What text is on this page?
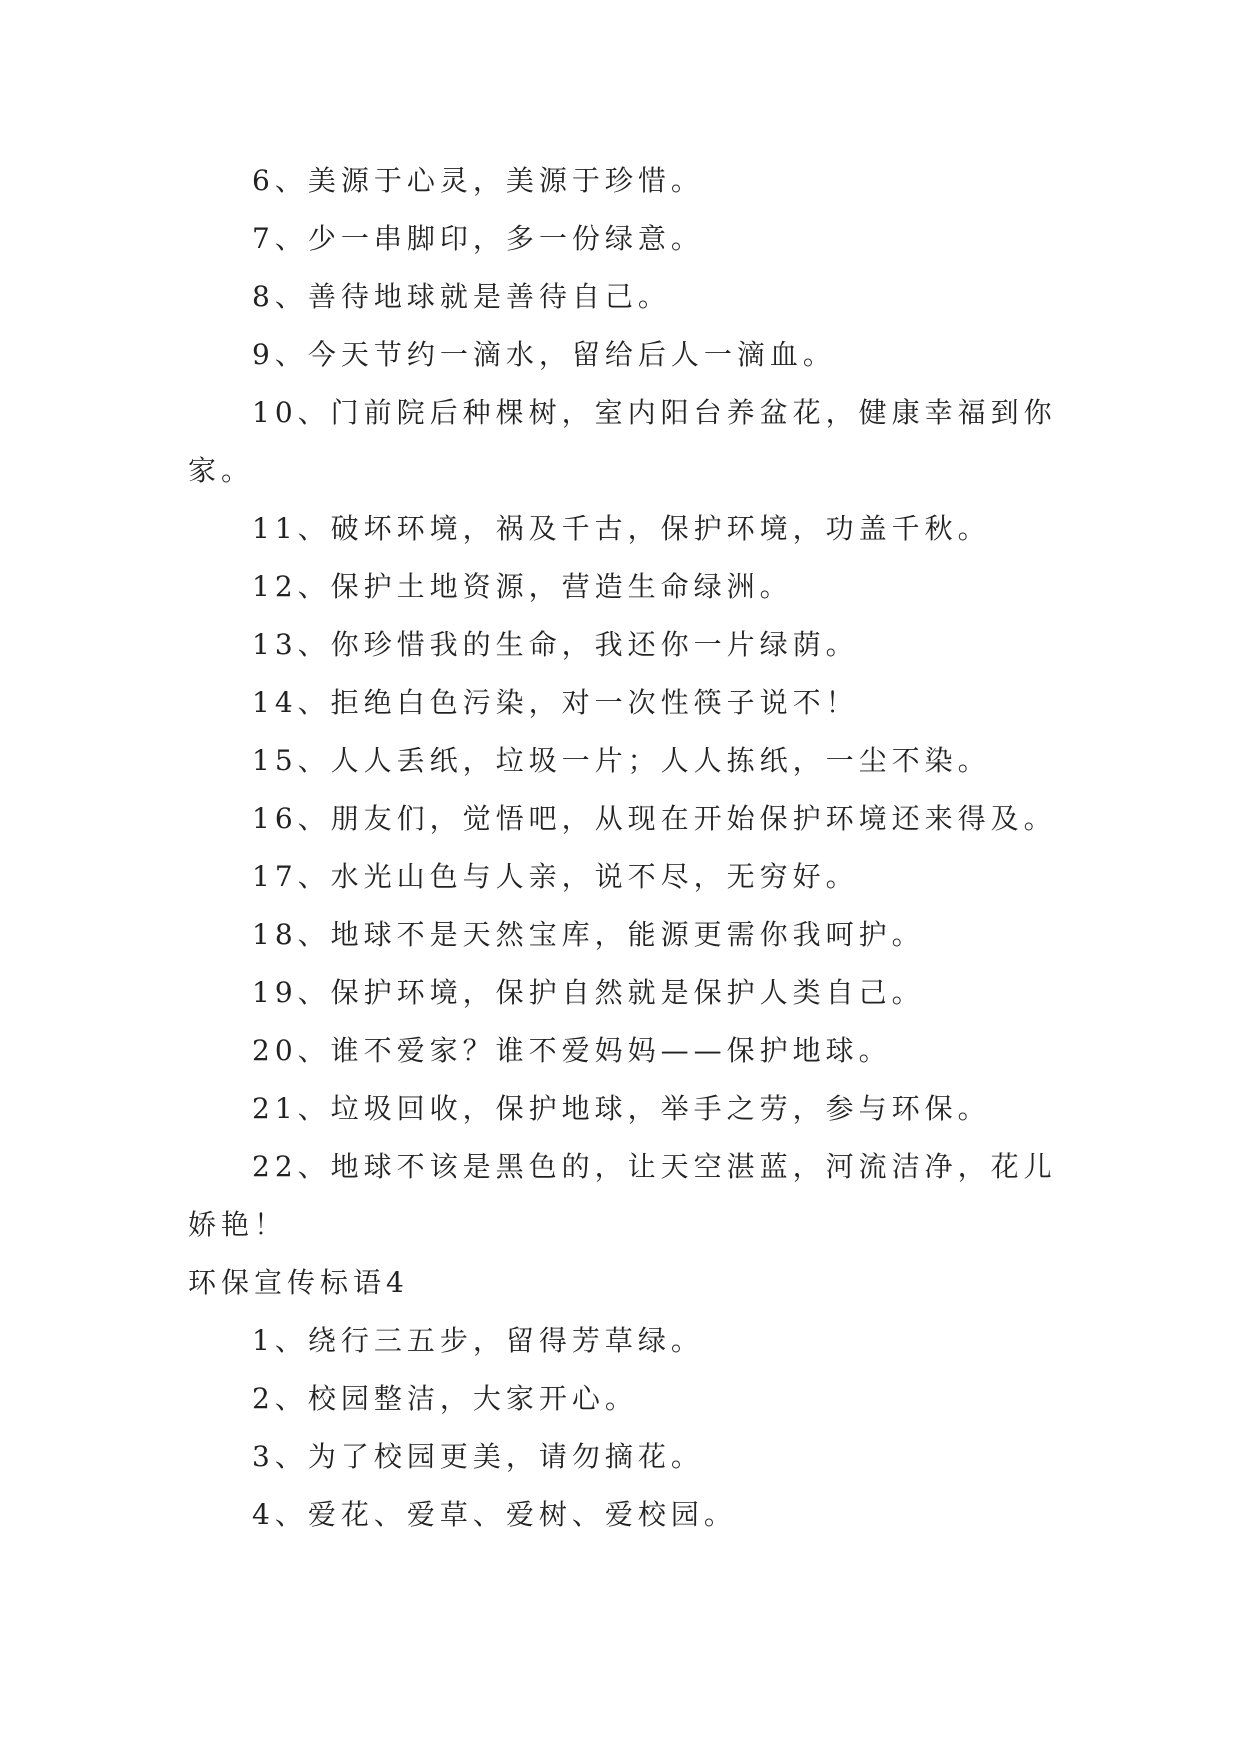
6、美源于心灵，美源于珍惜。
7、少一串脚印，多一份绿意。
8、善待地球就是善待自己。
9、今天节约一滴水，留给后人一滴血。
10、门前院后种棵树，室内阳台养盆花，健康幸福到你家。
11、破坏环境，祸及千古，保护环境，功盖千秋。
12、保护土地资源，营造生命绿洲。
13、你珍惜我的生命，我还你一片绿荫。
14、拒绝白色污染，对一次性筷子说不！
15、人人丢纸，垃圾一片；人人拣纸，一尘不染。
16、朋友们，觉悟吧，从现在开始保护环境还来得及。
17、水光山色与人亲，说不尽，无穷好。
18、地球不是天然宝库，能源更需你我呵护。
19、保护环境，保护自然就是保护人类自己。
20、谁不爱家？谁不爱妈妈——保护地球。
21、垃圾回收，保护地球，举手之劳，参与环保。
22、地球不该是黑色的，让天空湛蓝，河流洁净，花儿娇艳！
环保宣传标语4
1、绕行三五步，留得芳草绿。
2、校园整洁，大家开心。
3、为了校园更美，请勿摘花。
4、爱花、爱草、爱树、爱校园。
